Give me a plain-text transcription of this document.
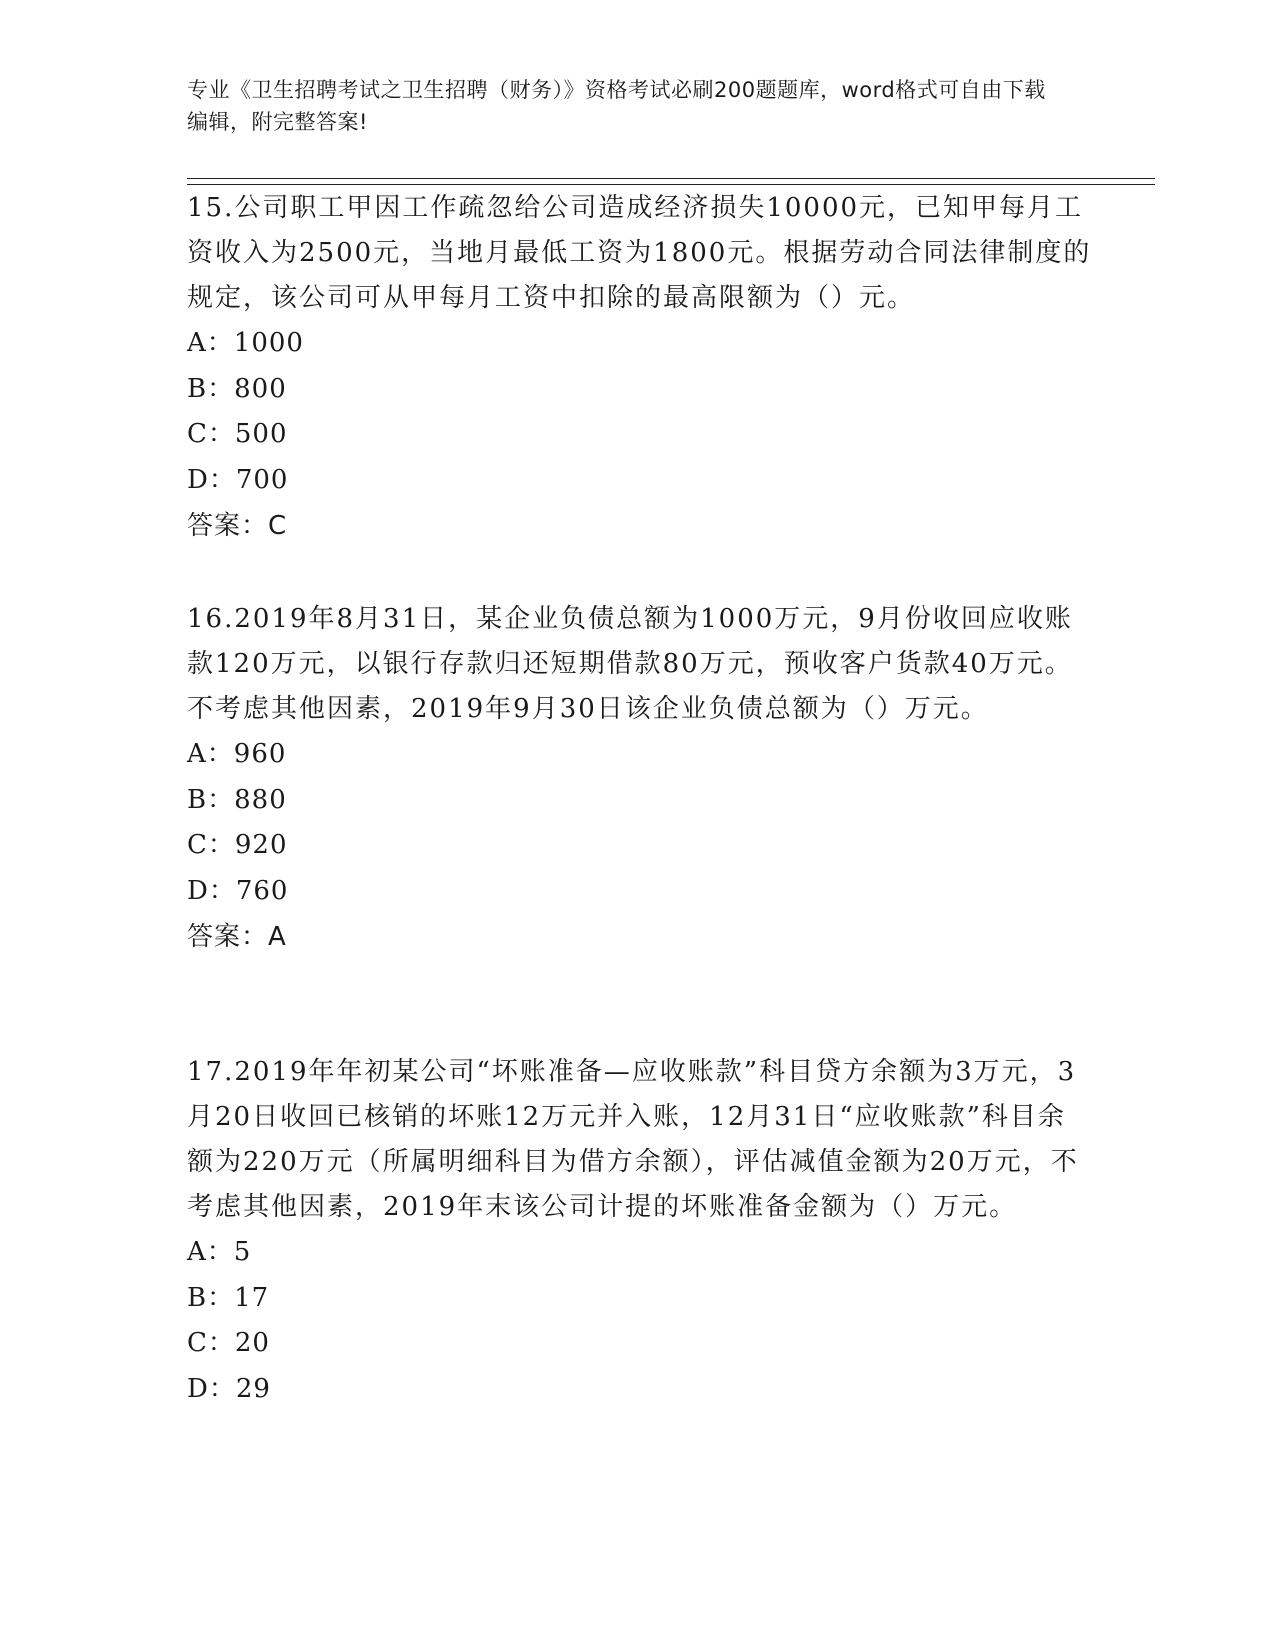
专业《卫生招聘考试之卫生招聘（财务）》资格考试必刷200题题库，word格式可自由下载编辑，附完整答案!

15.公司职工甲因工作疏忽给公司造成经济损失10000元，已知甲每月工资收入为2500元，当地月最低工资为1800元。根据劳动合同法律制度的规定，该公司可从甲每月工资中扣除的最高限额为（）元。

A：1000

B：800

C：500

D：700

答案：C

16.2019年8月31日，某企业负债总额为1000万元，9月份收回应收账款120万元，以银行存款归还短期借款80万元，预收客户货款40万元。不考虑其他因素，2019年9月30日该企业负债总额为（）万元。

A：960

B：880

C：920

D：760

答案：A

17.2019年年初某公司“坏账准备—应收账款”科目贷方余额为3万元，3月20日收回已核销的坏账12万元并入账，12月31日“应收账款”科目余额为220万元（所属明细科目为借方余额），评估减值金额为20万元，不考虑其他因素，2019年末该公司计提的坏账准备金额为（）万元。

A：5

B：17

C：20

D：29
